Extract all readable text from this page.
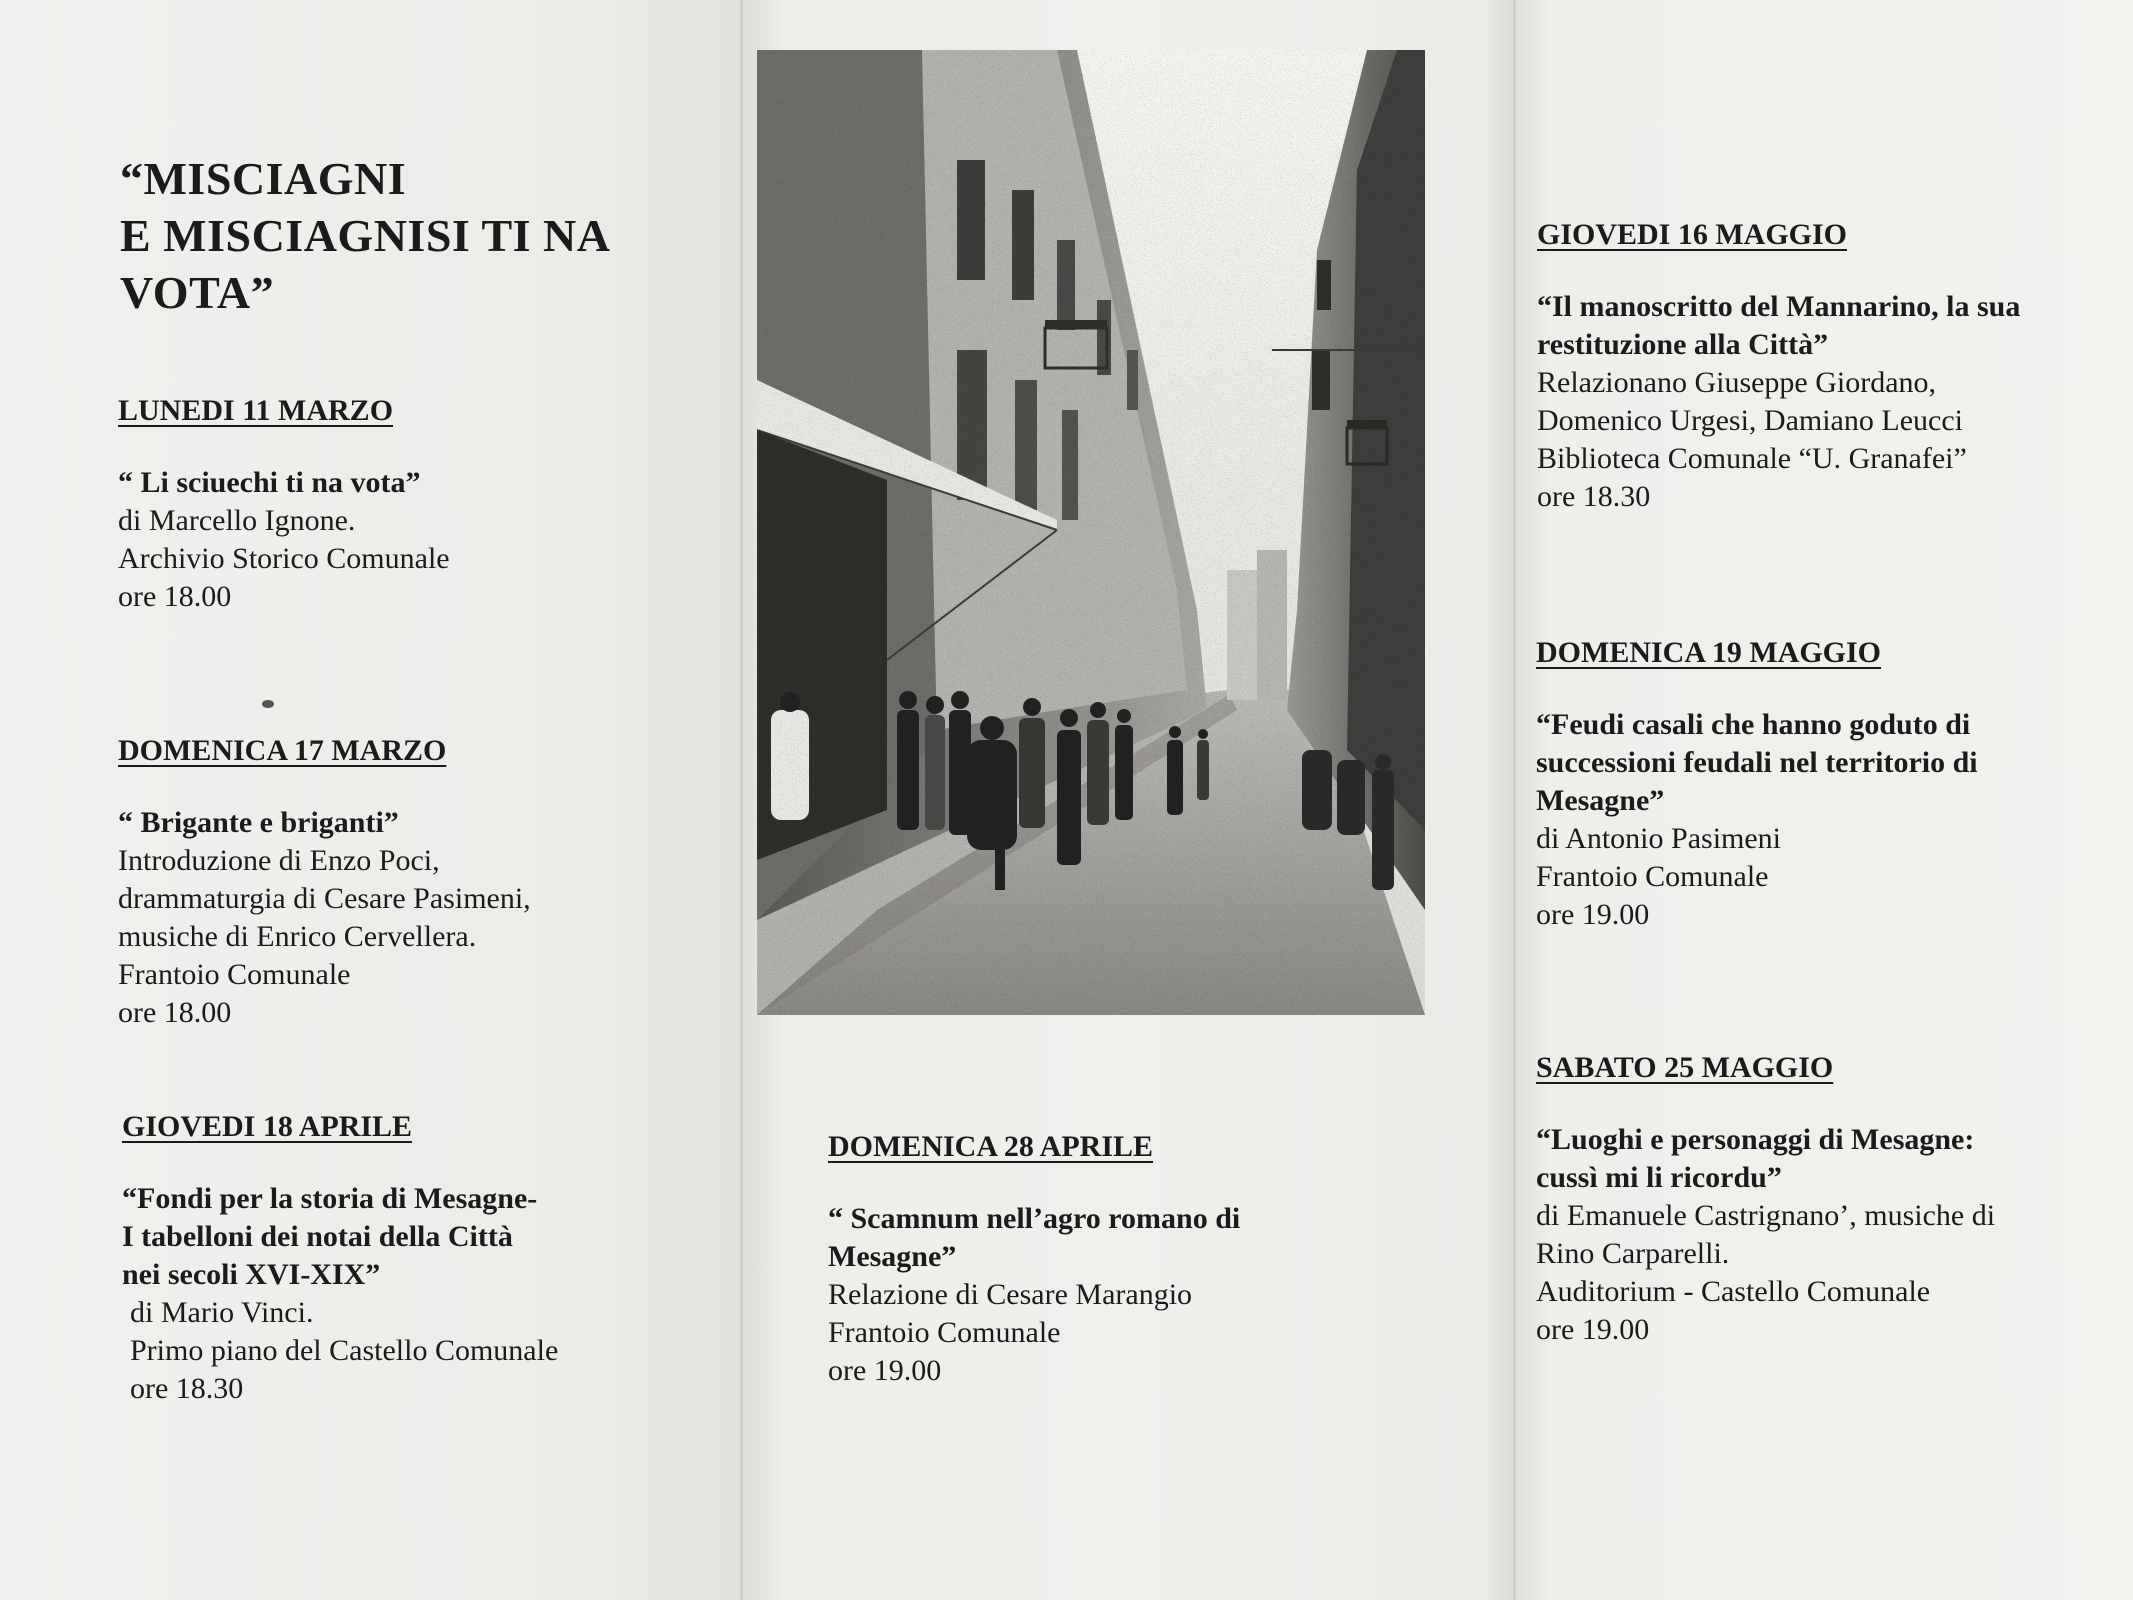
“MISCIAGNI
E MISCIAGNISI TI NA
VOTA”
LUNEDI 11 MARZO
“ Li sciuechi ti na vota”
di Marcello Ignone.
Archivio Storico Comunale
ore 18.00
DOMENICA 17 MARZO
“ Brigante e briganti”
Introduzione di Enzo Poci,
drammaturgia di Cesare Pasimeni,
musiche di Enrico Cervellera.
Frantoio Comunale
ore 18.00
GIOVEDI 18 APRILE
“Fondi per la storia di Mesagne-
I tabelloni dei notai della Città
nei secoli XVI-XIX”
di Mario Vinci.
Primo piano del Castello Comunale
ore 18.30
DOMENICA 28 APRILE
“ Scamnum nell’agro romano di
Mesagne”
Relazione di Cesare Marangio
Frantoio Comunale
ore 19.00
GIOVEDI 16 MAGGIO
“Il manoscritto del Mannarino, la sua
restituzione alla Città”
Relazionano Giuseppe Giordano,
Domenico Urgesi, Damiano Leucci
Biblioteca Comunale “U. Granafei”
ore 18.30
DOMENICA 19 MAGGIO
“Feudi casali che hanno goduto di
successioni feudali nel territorio di
Mesagne”
di Antonio Pasimeni
Frantoio Comunale
ore 19.00
SABATO 25 MAGGIO
“Luoghi e personaggi di Mesagne:
cussì mi li ricordu”
di Emanuele Castrignano’, musiche di
Rino Carparelli.
Auditorium - Castello Comunale
ore 19.00
